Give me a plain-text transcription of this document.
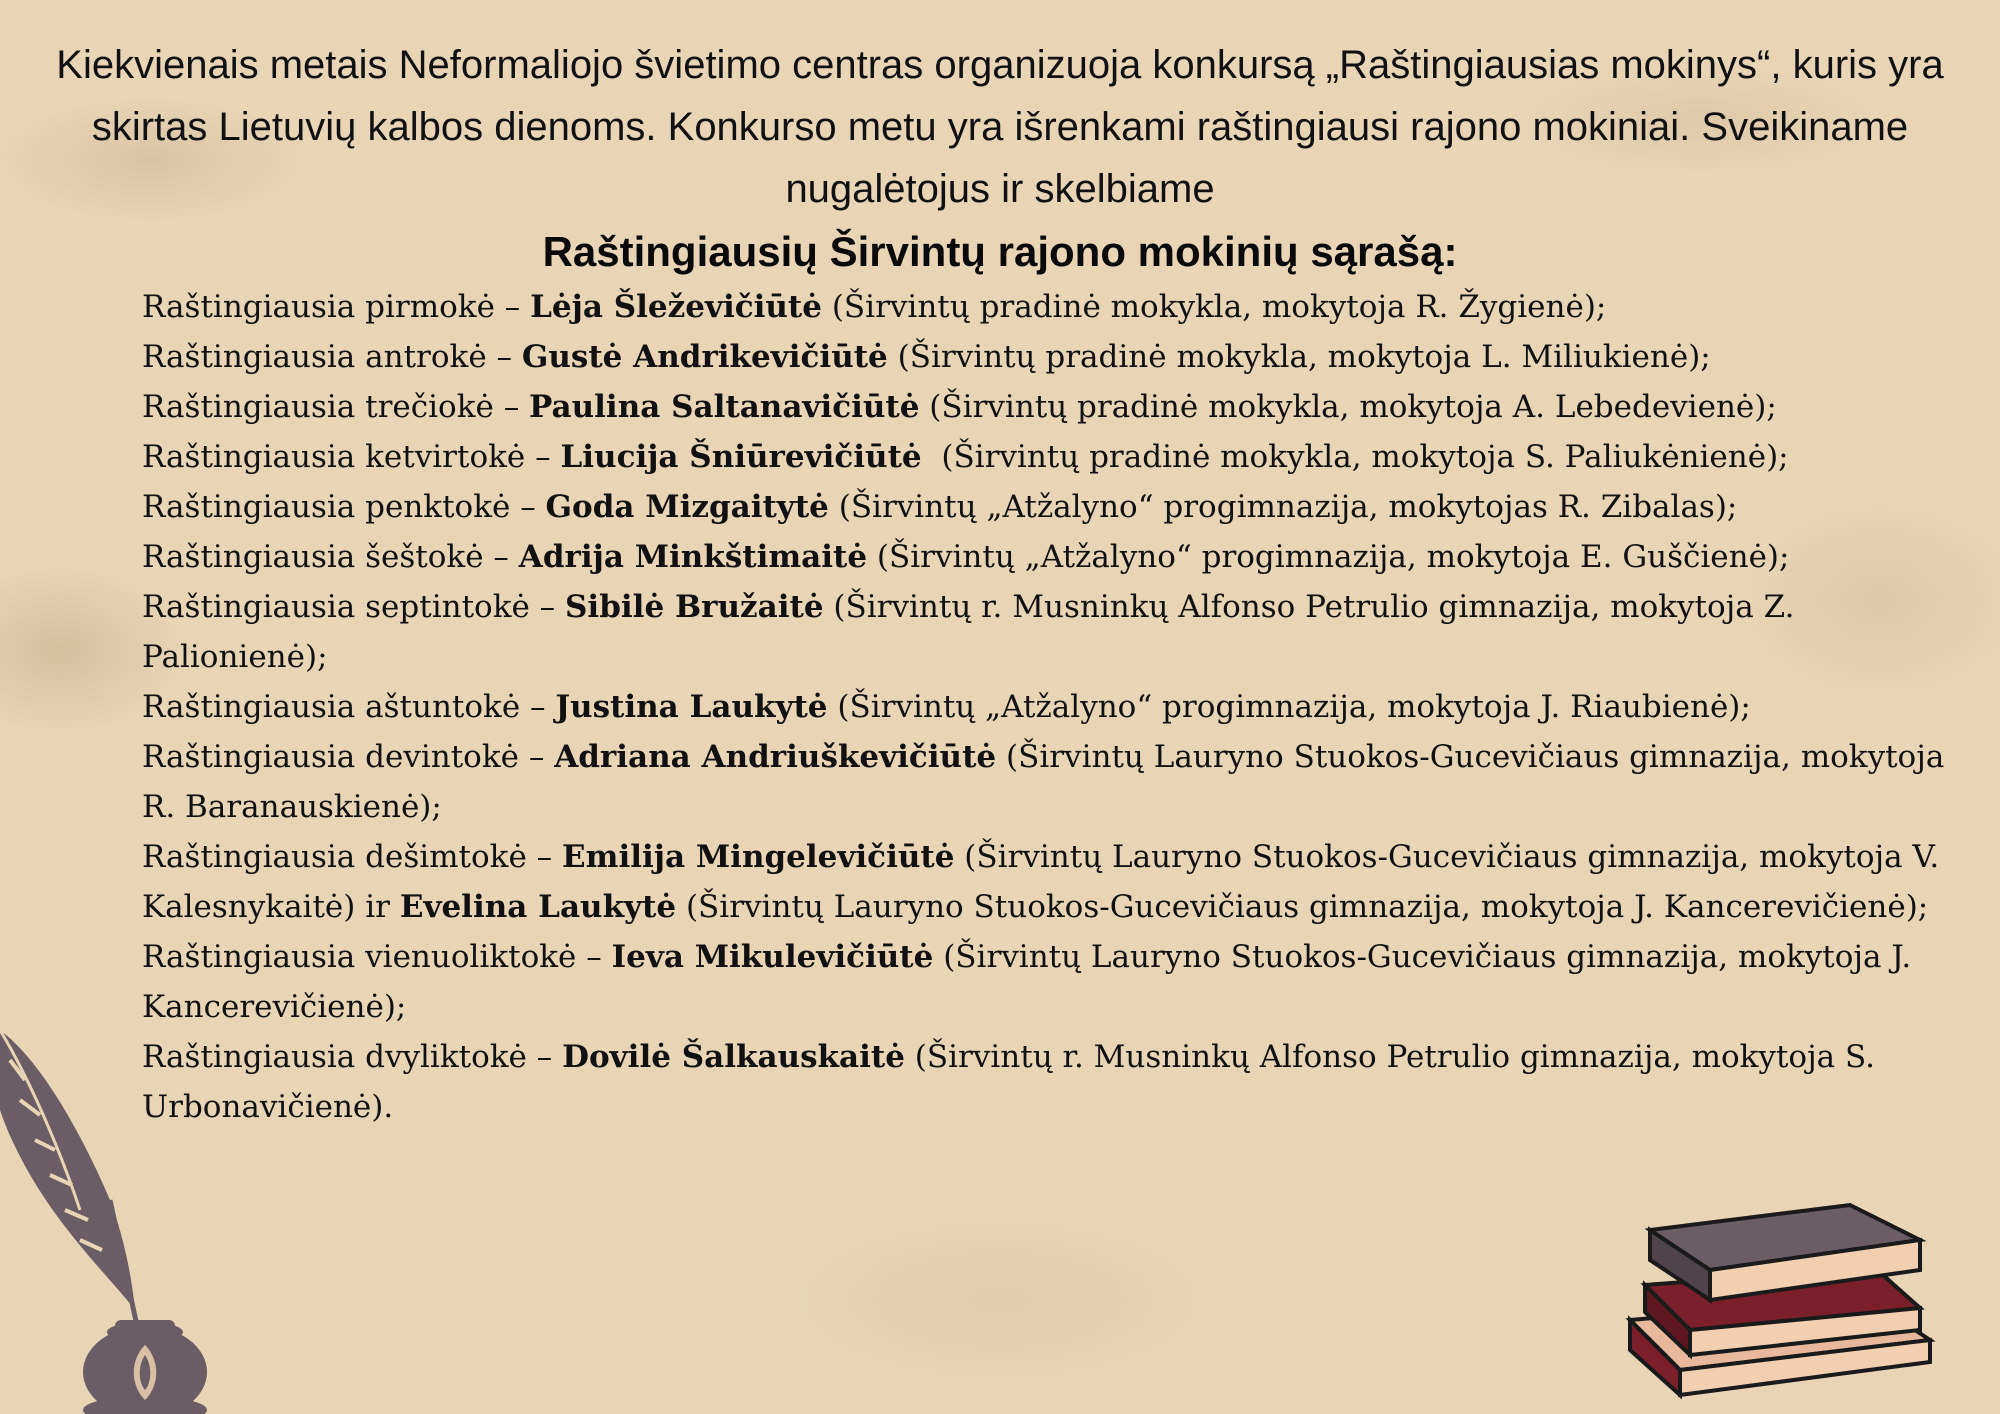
Kiekvienais metais Neformaliojo švietimo centras organizuoja konkursą „Raštingiausias mokinys“, kuris yra skirtas Lietuvių kalbos dienoms. Konkurso metu yra išrenkami raštingiausi rajono mokiniai. Sveikiname nugalėtojus ir skelbiame

Raštingiausių Širvintų rajono mokinių sąrašą:
Raštingiausia pirmokė – Lėja Šleževičiūtė (Širvintų pradinė mokykla, mokytoja R. Žygienė);
Raštingiausia antrokė – Gustė Andrikevičiūtė (Širvintų pradinė mokykla, mokytoja L. Miliukienė);
Raštingiausia trečiokė – Paulina Saltanavičiūtė (Širvintų pradinė mokykla, mokytoja A. Lebedevienė);
Raštingiausia ketvirtokė – Liucija Šniūrevičiūtė  (Širvintų pradinė mokykla, mokytoja S. Paliukėnienė);
Raštingiausia penktokė – Goda Mizgaitytė (Širvintų „Atžalyno“ progimnazija, mokytojas R. Zibalas);
Raštingiausia šeštokė – Adrija Minkštimaitė (Širvintų „Atžalyno“ progimnazija, mokytoja E. Guščienė);
Raštingiausia septintokė – Sibilė Bružaitė (Širvintų r. Musninkų Alfonso Petrulio gimnazija, mokytoja Z. Palionienė);
Raštingiausia aštuntokė – Justina Laukytė (Širvintų „Atžalyno“ progimnazija, mokytoja J. Riaubienė);
Raštingiausia devintokė – Adriana Andriuškevičiūtė (Širvintų Lauryno Stuokos-Gucevičiaus gimnazija, mokytoja R. Baranauskienė);
Raštingiausia dešimtokė – Emilija Mingelevičiūtė (Širvintų Lauryno Stuokos-Gucevičiaus gimnazija, mokytoja V. Kalesnykaitė) ir Evelina Laukytė (Širvintų Lauryno Stuokos-Gucevičiaus gimnazija, mokytoja J. Kancerevičienė);
Raštingiausia vienuoliktokė – Ieva Mikulevičiūtė (Širvintų Lauryno Stuokos-Gucevičiaus gimnazija, mokytoja J. Kancerevičienė);
Raštingiausia dvyliktokė – Dovilė Šalkauskaitė (Širvintų r. Musninkų Alfonso Petrulio gimnazija, mokytoja S. Urbonavičienė).
